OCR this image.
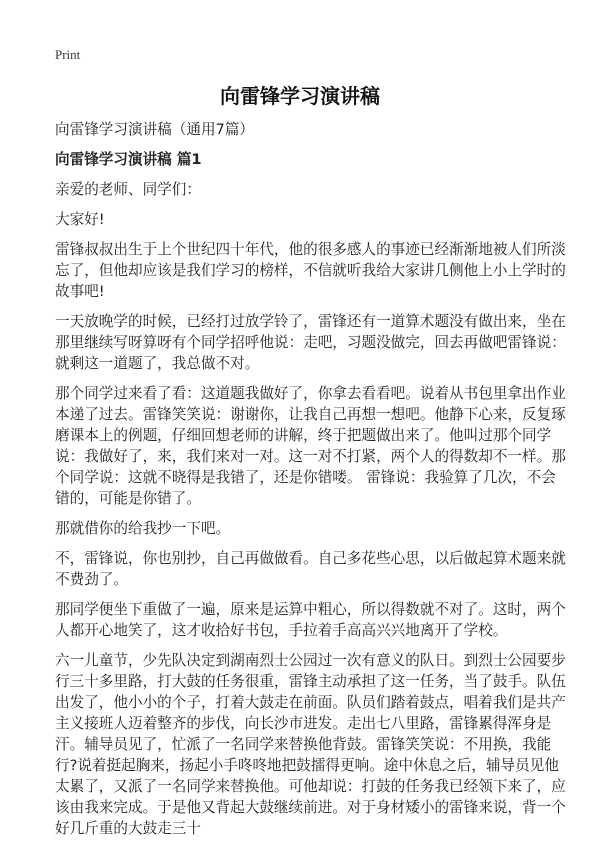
Print
向雷锋学习演讲稿

向雷锋学习演讲稿（通用7篇）

向雷锋学习演讲稿 篇1

亲爱的老师、同学们：

大家好!

雷锋叔叔出生于上个世纪四十年代，他的很多感人的事迹已经渐渐地被人们所淡忘了，但他却应该是我们学习的榜样，不信就听我给大家讲几侧他上小上学时的故事吧!

一天放晚学的时候，已经打过放学铃了，雷锋还有一道算术题没有做出来，坐在那里继续写呀算呀有个同学招呼他说：走吧，习题没做完，回去再做吧雷锋说：就剩这一道题了，我总做不对。

那个同学过来看了看：这道题我做好了，你拿去看看吧。说着从书包里拿出作业本递了过去。雷锋笑笑说：谢谢你，让我自己再想一想吧。他静下心来，反复琢磨课本上的例题，仔细回想老师的讲解，终于把题做出来了。他叫过那个同学说：我做好了，来，我们来对一对。这一对不打紧，两个人的得数却不一样。那个同学说：这就不晓得是我错了，还是你错喽。 雷锋说：我验算了几次，不会错的，可能是你错了。

那就借你的给我抄一下吧。

不，雷锋说，你也别抄，自己再做做看。自己多花些心思，以后做起算术题来就不费劲了。

那同学便坐下重做了一遍，原来是运算中粗心，所以得数就不对了。这时，两个人都开心地笑了，这才收拾好书包，手拉着手高高兴兴地离开了学校。

六一儿童节，少先队决定到湖南烈士公园过一次有意义的队日。到烈士公园要步行三十多里路，打大鼓的任务很重，雷锋主动承担了这一任务，当了鼓手。队伍出发了，他小小的个子，打着大鼓走在前面。队员们踏着鼓点，唱着我们是共产主义接班人迈着整齐的步伐，向长沙市进发。走出七八里路，雷锋累得浑身是汗。辅导员见了，忙派了一名同学来替换他背鼓。雷锋笑笑说：不用换，我能行?说着挺起胸来，扬起小手咚咚地把鼓擂得更响。途中休息之后，辅导员见他太累了，又派了一名同学来替换他。可他却说：打鼓的任务我已经领下来了，应该由我来完成。于是他又背起大鼓继续前进。对于身材矮小的雷锋来说，背一个好几斤重的大鼓走三十
